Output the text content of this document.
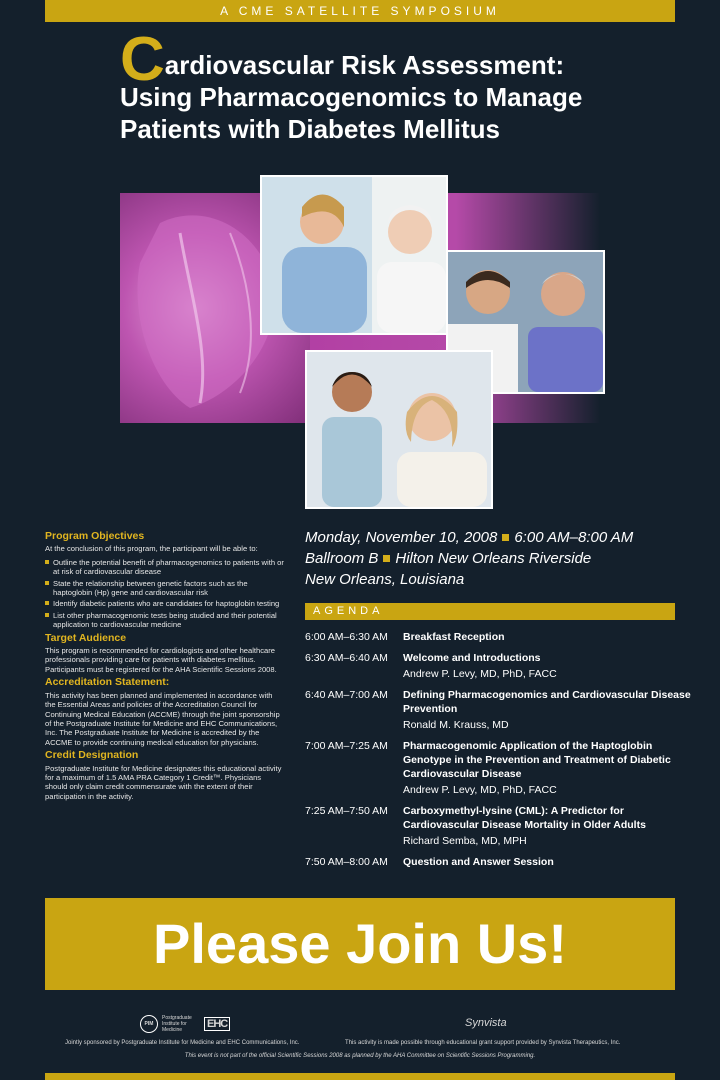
A CME SATELLITE SYMPOSIUM
Cardiovascular Risk Assessment:
Using Pharmacogenomics to Manage
Patients with Diabetes Mellitus
Program Objectives

At the conclusion of this program, the participant will be able to:

Outline the potential benefit of pharmacogenomics to patients with or at risk of cardiovascular disease
State the relationship between genetic factors such as the haptoglobin (Hp) gene and cardiovascular risk
Identify diabetic patients who are candidates for haptoglobin testing
List other pharmacogenomic tests being studied and their potential application to cardiovascular medicine
Target Audience

This program is recommended for cardiologists and other healthcare professionals providing care for patients with diabetes mellitus. Participants must be registered for the AHA Scientific Sessions 2008.

Accreditation Statement:

This activity has been planned and implemented in accordance with the Essential Areas and policies of the Accreditation Council for Continuing Medical Education (ACCME) through the joint sponsorship of the Postgraduate Institute for Medicine and EHC Communications, Inc. The Postgraduate Institute for Medicine is accredited by the ACCME to provide continuing medical education for physicians.

Credit Designation

Postgraduate Institute for Medicine designates this educational activity for a maximum of 1.5 AMA PRA Category 1 Credit™. Physicians should only claim credit commensurate with the extent of their participation in the activity.

Monday, November 10, 2008 6:00 AM–8:00 AM
Ballroom B Hilton New Orleans Riverside
New Orleans, Louisiana
AGENDA
6:00 AM–6:30 AM	Breakfast Reception
6:30 AM–6:40 AM	Welcome and Introductions
Andrew P. Levy, MD, PhD, FACC
6:40 AM–7:00 AM	Defining Pharmacogenomics and Cardiovascular Disease Prevention
Ronald M. Krauss, MD
7:00 AM–7:25 AM	Pharmacogenomic Application of the Haptoglobin Genotype in the Prevention and Treatment of Diabetic Cardiovascular Disease
Andrew P. Levy, MD, PhD, FACC
7:25 AM–7:50 AM	Carboxymethyl-lysine (CML): A Predictor for Cardiovascular Disease Mortality in Older Adults
Richard Semba, MD, MPH
7:50 AM–8:00 AM	Question and Answer Session
Please Join Us!
PIM
Postgraduate Institute for Medicine	EHC	Synvista
Jointly sponsored by Postgraduate Institute for Medicine and EHC Communications, Inc.	This activity is made possible through educational grant support provided by Synvista Therapeutics, Inc.
This event is not part of the official Scientific Sessions 2008 as planned by the AHA Committee on Scientific Sessions Programming.
